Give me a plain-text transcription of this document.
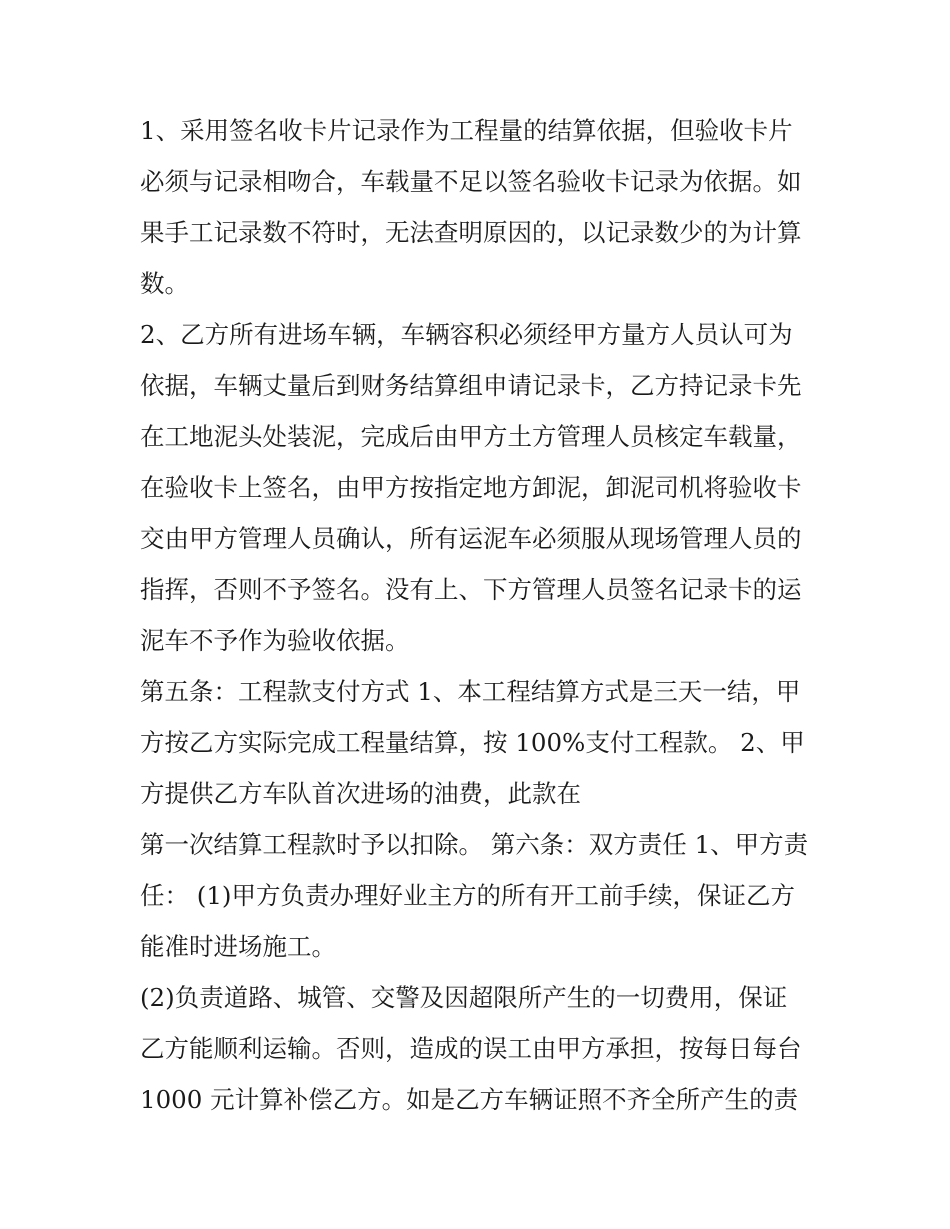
1、采用签名收卡片记录作为工程量的结算依据，但验收卡片
必须与记录相吻合，车载量不足以签名验收卡记录为依据。如
果手工记录数不符时，无法查明原因的，以记录数少的为计算
数。
2、乙方所有进场车辆，车辆容积必须经甲方量方人员认可为
依据，车辆丈量后到财务结算组申请记录卡，乙方持记录卡先
在工地泥头处装泥，完成后由甲方土方管理人员核定车载量，
在验收卡上签名，由甲方按指定地方卸泥，卸泥司机将验收卡
交由甲方管理人员确认，所有运泥车必须服从现场管理人员的
指挥，否则不予签名。没有上、下方管理人员签名记录卡的运
泥车不予作为验收依据。
第五条：工程款支付方式 1、本工程结算方式是三天一结，甲
方按乙方实际完成工程量结算，按 100%支付工程款。 2、甲
方提供乙方车队首次进场的油费，此款在
第一次结算工程款时予以扣除。 第六条：双方责任 1、甲方责
任： (1)甲方负责办理好业主方的所有开工前手续，保证乙方
能准时进场施工。
(2)负责道路、城管、交警及因超限所产生的一切费用，保证
乙方能顺利运输。否则，造成的误工由甲方承担，按每日每台
1000 元计算补偿乙方。如是乙方车辆证照不齐全所产生的责
